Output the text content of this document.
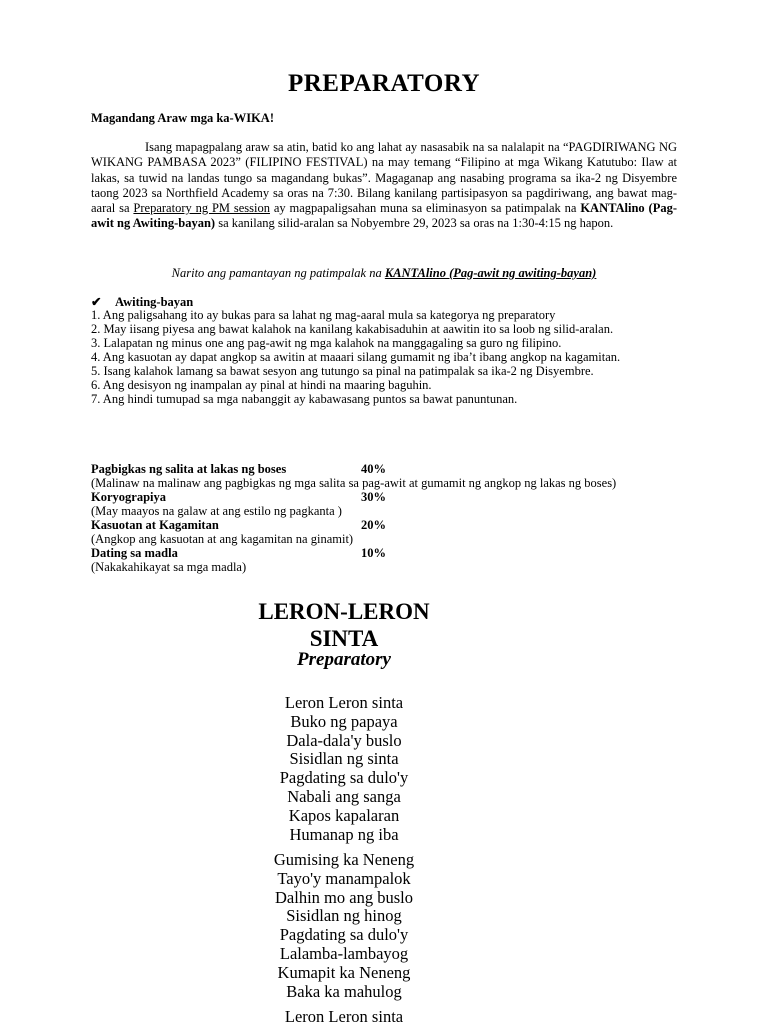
PREPARATORY
Magandang Araw mga ka-WIKA!
Isang mapagpalang araw sa atin, batid ko ang lahat ay nasasabik na sa nalalapit na “PAGDIRIWANG NG WIKANG PAMBASA 2023” (FILIPINO FESTIVAL) na may temang “Filipino at mga Wikang Katutubo: Ilaw at lakas, sa tuwid na landas tungo sa magandang bukas”. Magaganap ang nasabing programa sa ika-2 ng Disyembre taong 2023 sa Northfield Academy sa oras na 7:30. Bilang kanilang partisipasyon sa pagdiriwang, ang bawat mag-aaral sa Preparatory ng PM session ay magpapaligsahan muna sa eliminasyon sa patimpalak na KANTAlino (Pag-awit ng Awiting-bayan) sa kanilang silid-aralan sa Nobyembre 29, 2023 sa oras na 1:30-4:15 ng hapon.
Narito ang pamantayan ng patimpalak na KANTAlino (Pag-awit ng awiting-bayan)
✔ Awiting-bayan
1. Ang paligsahang ito ay bukas para sa lahat ng mag-aaral mula sa kategorya ng preparatory
2. May iisang piyesa ang bawat kalahok na kanilang kakabisaduhin at aawitin ito sa loob ng silid-aralan.
3. Lalapatan ng minus one ang pag-awit ng mga kalahok na manggagaling sa guro ng filipino.
4. Ang kasuotan ay dapat angkop sa awitin at maaari silang gumamit ng iba’t ibang angkop na kagamitan.
5. Isang kalahok lamang sa bawat sesyon ang tutungo sa pinal na patimpalak sa ika-2 ng Disyembre.
6. Ang desisyon ng inampalan ay pinal at hindi na maaring baguhin.
7. Ang hindi tumupad sa mga nabanggit ay kabawasang puntos sa bawat panuntunan.
Pagbigkas ng salita at lakas ng boses	40%
(Malinaw na malinaw ang pagbigkas ng mga salita sa pag-awit at gumamit ng angkop ng lakas ng boses)
Koryograpiya	30%
(May maayos na galaw at ang estilo ng pagkanta )
Kasuotan at Kagamitan	20%
(Angkop ang kasuotan at ang kagamitan na ginamit)
Dating sa madla	10%
(Nakakahikayat sa mga madla)
LERON-LERON
SINTA
Preparatory
Leron Leron sinta
Buko ng papaya
Dala-dala'y buslo
Sisidlan ng sinta
Pagdating sa dulo'y
Nabali ang sanga
Kapos kapalaran
Humanap ng iba
Gumising ka Neneng
Tayo'y manampalok
Dalhin mo ang buslo
Sisidlan ng hinog
Pagdating sa dulo'y
Lalamba-lambayog
Kumapit ka Neneng
Baka ka mahulog
Leron Leron sinta
